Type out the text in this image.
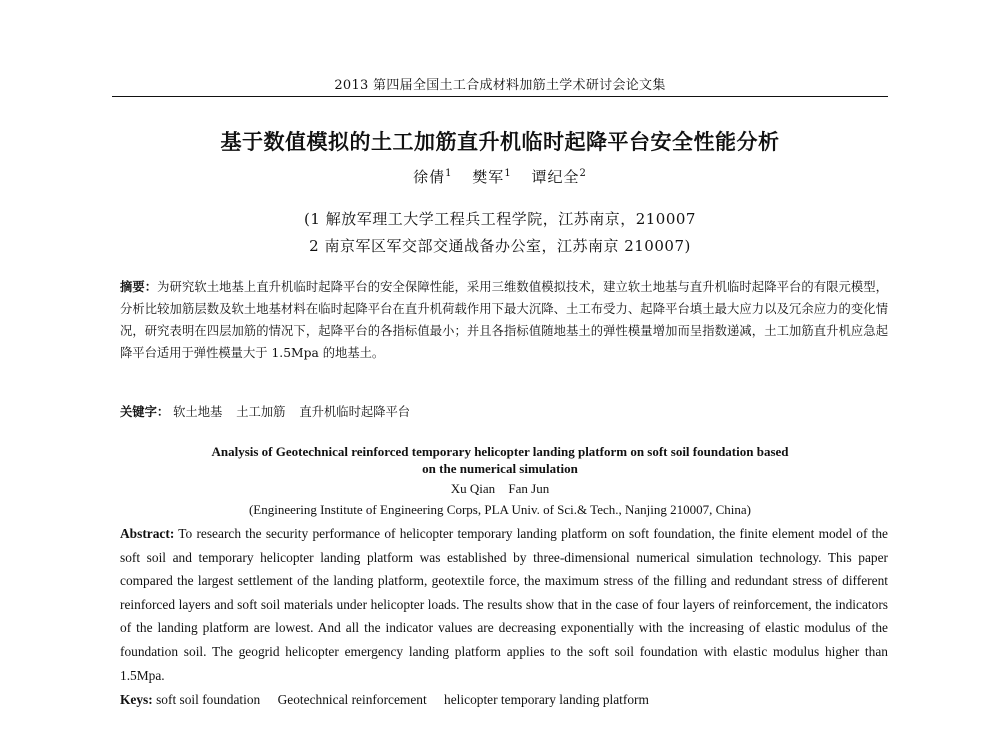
2013 第四届全国土工合成材料加筋土学术研讨会论文集
基于数值模拟的土工加筋直升机临时起降平台安全性能分析
徐倩$^1$ 樊军$^1$ 谭纪全$^2$
(1 解放军理工大学工程兵工程学院，江苏南京，210007
2 南京军区军交部交通战备办公室，江苏南京 210007)
摘要：为研究软土地基上直升机临时起降平台的安全保障性能，采用三维数值模拟技术，建立软土地基与直升机临时起降平台的有限元模型，分析比较加筋层数及软土地基材料在临时起降平台在直升机荷载作用下最大沉降、土工布受力、起降平台填土最大应力以及冗余应力的变化情况，研究表明在四层加筋的情况下，起降平台的各指标值最小；并且各指标值随地基土的弹性模量增加而呈指数递减，土工加筋直升机应急起降平台适用于弹性模量大于 1.5Mpa 的地基土。
关键字： 软土地基 土工加筋 直升机临时起降平台
Analysis of Geotechnical reinforced temporary helicopter landing platform on soft soil foundation based
on the numerical simulation
Xu Qian Fan Jun
(Engineering Institute of Engineering Corps, PLA Univ. of Sci.& Tech., Nanjing 210007, China)
Abstract: To research the security performance of helicopter temporary landing platform on soft foundation, the finite element model of the soft soil and temporary helicopter landing platform was established by three-dimensional numerical simulation technology. This paper compared the largest settlement of the landing platform, geotextile force, the maximum stress of the filling and redundant stress of different reinforced layers and soft soil materials under helicopter loads. The results show that in the case of four layers of reinforcement, the indicators of the landing platform are lowest. And all the indicator values are decreasing exponentially with the increasing of elastic modulus of the foundation soil. The geogrid helicopter emergency landing platform applies to the soft soil foundation with elastic modulus higher than 1.5Mpa.
Keys: soft soil foundation Geotechnical reinforcement helicopter temporary landing platform
